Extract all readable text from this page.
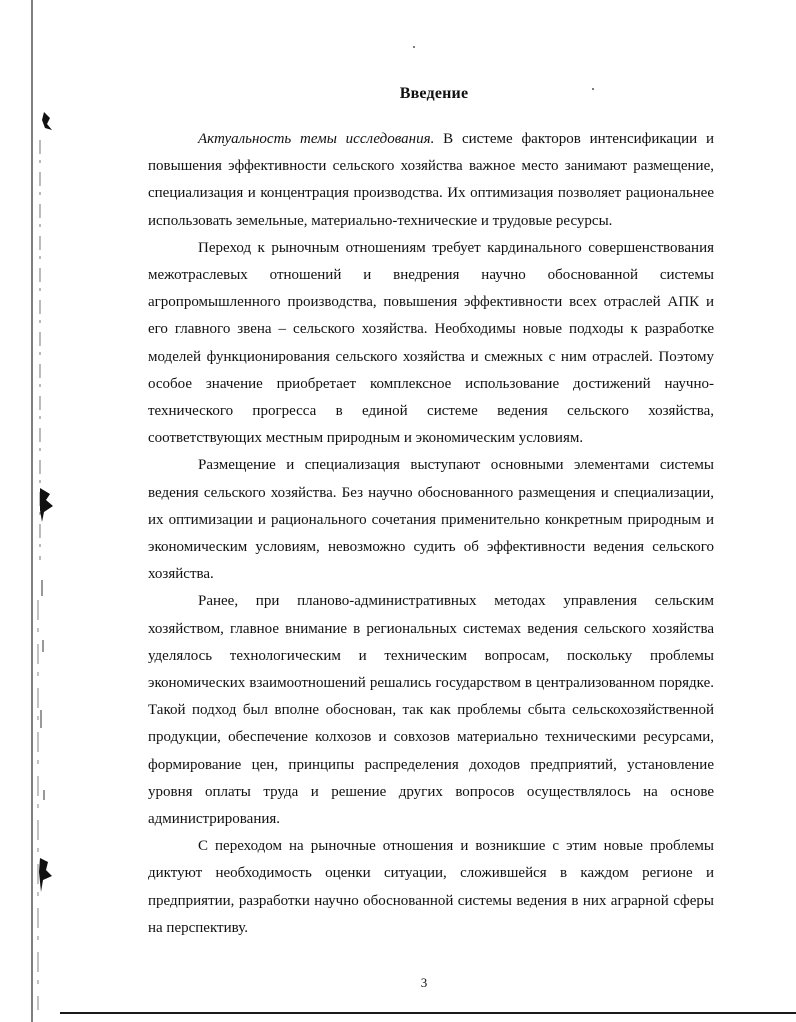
Введение

Актуальность темы исследования. В системе факторов интенсификации и повышения эффективности сельского хозяйства важное место занимают размещение, специализация и концентрация производства. Их оптимизация позволяет рациональнее использовать земельные, материально-технические и трудовые ресурсы.

Переход к рыночным отношениям требует кардинального совершенствования межотраслевых отношений и внедрения научно обоснованной системы агропромышленного производства, повышения эффективности всех отраслей АПК и его главного звена – сельского хозяйства. Необходимы новые подходы к разработке моделей функционирования сельского хозяйства и смежных с ним отраслей. Поэтому особое значение приобретает комплексное использование достижений научно-технического прогресса в единой системе ведения сельского хозяйства, соответствующих местным природным и экономическим условиям.

Размещение и специализация выступают основными элементами системы ведения сельского хозяйства. Без научно обоснованного размещения и специализации, их оптимизации и рационального сочетания применительно конкретным природным и экономическим условиям, невозможно судить об эффективности ведения сельского хозяйства.

Ранее, при планово-административных методах управления сельским хозяйством, главное внимание в региональных системах ведения сельского хозяйства уделялось технологическим и техническим вопросам, поскольку проблемы экономических взаимоотношений решались государством в централизованном порядке. Такой подход был вполне обоснован, так как проблемы сбыта сельскохозяйственной продукции, обеспечение колхозов и совхозов материально техническими ресурсами, формирование цен, принципы распределения доходов предприятий, установление уровня оплаты труда и решение других вопросов осуществлялось на основе администрирования.

С переходом на рыночные отношения и возникшие с этим новые проблемы диктуют необходимость оценки ситуации, сложившейся в каждом регионе и предприятии, разработки научно обоснованной системы ведения в них аграрной сферы на перспективу.

3
